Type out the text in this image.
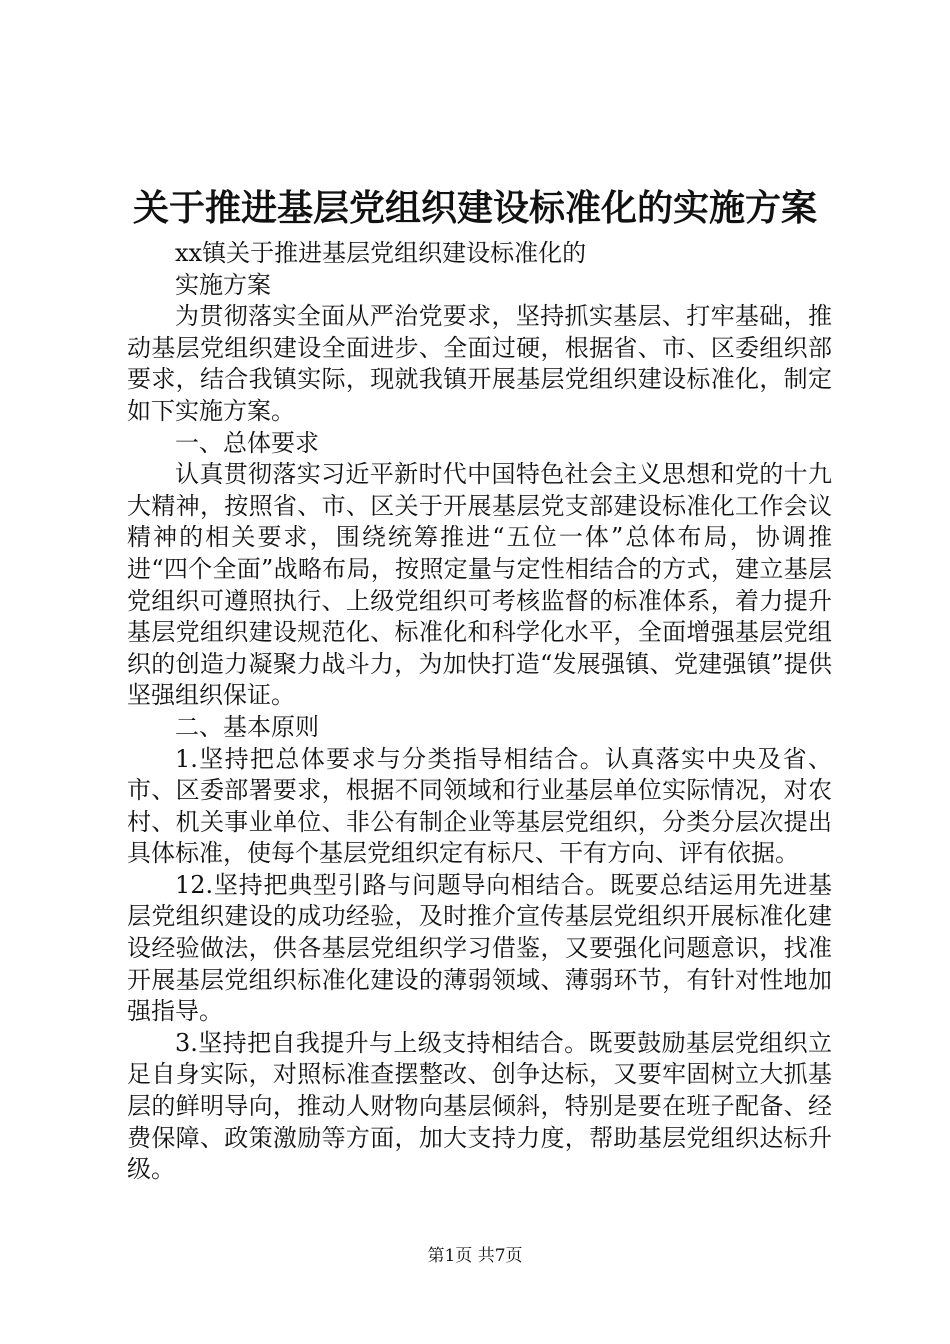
关于推进基层党组织建设标准化的实施方案

xx镇关于推进基层党组织建设标准化的

实施方案

为贯彻落实全面从严治党要求，坚持抓实基层、打牢基础，推动基层党组织建设全面进步、全面过硬，根据省、市、区委组织部要求，结合我镇实际，现就我镇开展基层党组织建设标准化，制定如下实施方案。

一、总体要求

认真贯彻落实习近平新时代中国特色社会主义思想和党的十九大精神，按照省、市、区关于开展基层党支部建设标准化工作会议精神的相关要求，围绕统筹推进“五位一体”总体布局，协调推进“四个全面”战略布局，按照定量与定性相结合的方式，建立基层党组织可遵照执行、上级党组织可考核监督的标准体系，着力提升基层党组织建设规范化、标准化和科学化水平，全面增强基层党组织的创造力凝聚力战斗力，为加快打造“发展强镇、党建强镇”提供坚强组织保证。

二、基本原则

1.坚持把总体要求与分类指导相结合。认真落实中央及省、市、区委部署要求，根据不同领域和行业基层单位实际情况，对农村、机关事业单位、非公有制企业等基层党组织，分类分层次提出具体标准，使每个基层党组织定有标尺、干有方向、评有依据。

12.坚持把典型引路与问题导向相结合。既要总结运用先进基层党组织建设的成功经验，及时推介宣传基层党组织开展标准化建设经验做法，供各基层党组织学习借鉴，又要强化问题意识，找准开展基层党组织标准化建设的薄弱领域、薄弱环节，有针对性地加强指导。

3.坚持把自我提升与上级支持相结合。既要鼓励基层党组织立足自身实际，对照标准查摆整改、创争达标，又要牢固树立大抓基层的鲜明导向，推动人财物向基层倾斜，特别是要在班子配备、经费保障、政策激励等方面，加大支持力度，帮助基层党组织达标升级。

第1页 共7页
